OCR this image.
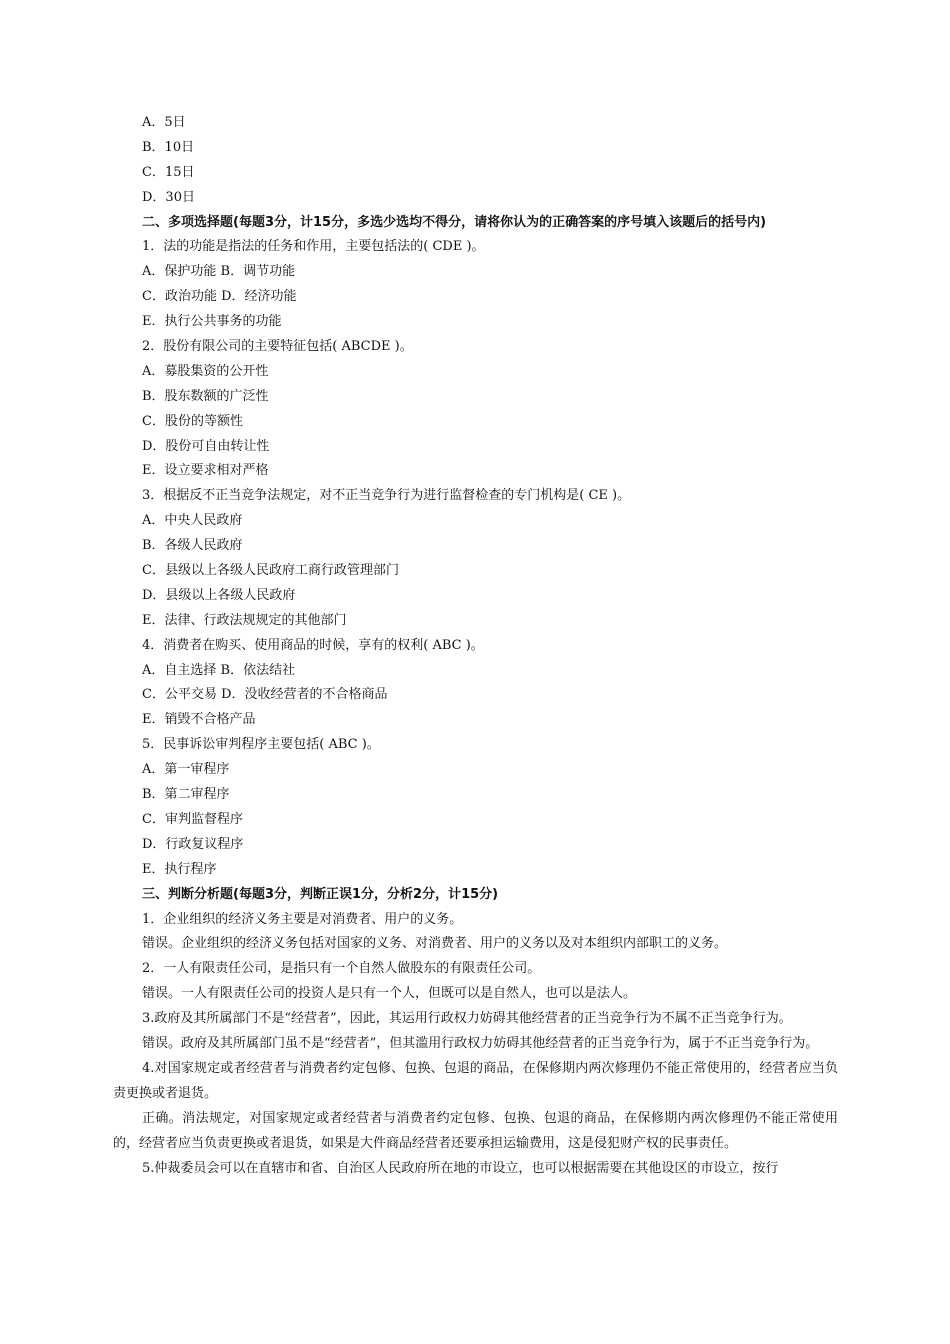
A．5日
B．10日
C．15日
D．30日
二、多项选择题(每题3分，计15分，多选少选均不得分，请将你认为的正确答案的序号填入该题后的括号内)
1．法的功能是指法的任务和作用，主要包括法的( CDE )。
A．保护功能 B．调节功能
C．政治功能 D．经济功能
E．执行公共事务的功能
2．股份有限公司的主要特征包括( ABCDE )。
A．募股集资的公开性
B．股东数额的广泛性
C．股份的等额性
D．股份可自由转让性
E．设立要求相对严格
3．根据反不正当竞争法规定，对不正当竞争行为进行监督检查的专门机构是( CE )。
A．中央人民政府
B．各级人民政府
C．县级以上各级人民政府工商行政管理部门
D．县级以上各级人民政府
E．法律、行政法规规定的其他部门
4．消费者在购买、使用商品的时候，享有的权利( ABC )。
A．自主选择 B．依法结社
C．公平交易 D．没收经营者的不合格商品
E．销毁不合格产品
5．民事诉讼审判程序主要包括( ABC )。
A．第一审程序
B．第二审程序
C．审判监督程序
D．行政复议程序
E．执行程序
三、判断分析题(每题3分，判断正误1分，分析2分，计15分)
1．企业组织的经济义务主要是对消费者、用户的义务。
错误。企业组织的经济义务包括对国家的义务、对消费者、用户的义务以及对本组织内部职工的义务。
2．一人有限责任公司，是指只有一个自然人做股东的有限责任公司。
错误。一人有限责任公司的投资人是只有一个人，但既可以是自然人，也可以是法人。
3.政府及其所属部门不是“经营者”，因此，其运用行政权力妨碍其他经营者的正当竞争行为不属不正当竞争行为。
错误。政府及其所属部门虽不是“经营者”，但其滥用行政权力妨碍其他经营者的正当竞争行为，属于不正当竞争行为。
4.对国家规定或者经营者与消费者约定包修、包换、包退的商品，在保修期内两次修理仍不能正常使用的，经营者应当负责更换或者退货。
正确。消法规定，对国家规定或者经营者与消费者约定包修、包换、包退的商品，在保修期内两次修理仍不能正常使用的，经营者应当负责更换或者退货，如果是大件商品经营者还要承担运输费用，这是侵犯财产权的民事责任。
5.仲裁委员会可以在直辖市和省、自治区人民政府所在地的市设立，也可以根据需要在其他设区的市设立，按行
